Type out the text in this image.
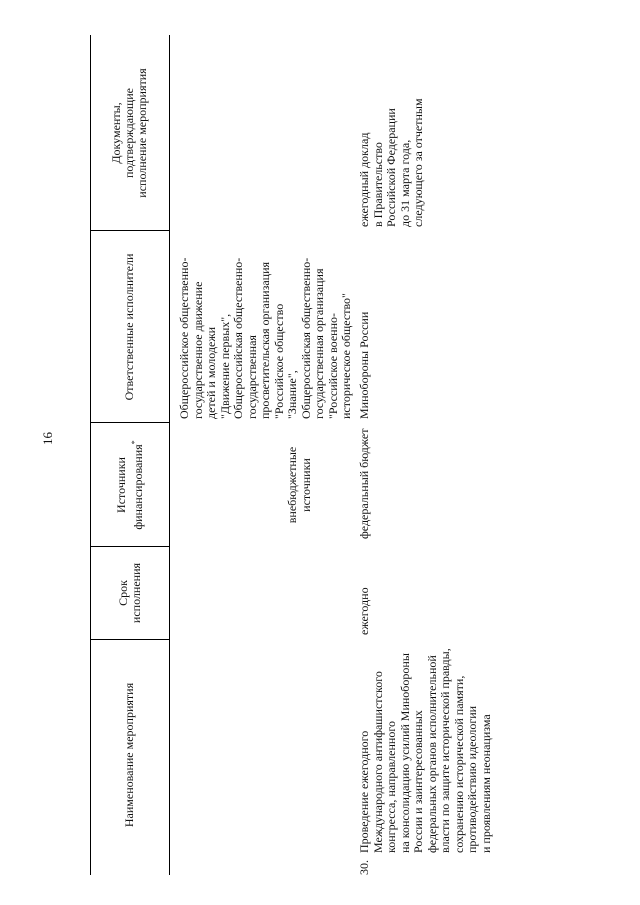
16
Наименование мероприятия
Срок исполнения
Источники финансирования*
Ответственные исполнители
Документы, подтверждающие исполнение мероприятия
Общероссийское общественно- государственное движение детей и молодежи "Движение первых", Общероссийская общественно- государственная просветительская организация "Российское общество "Знание", Общероссийская общественно- государственная организация "Российское военно- историческое общество"

внебюджетные источники

30.
Проведение ежегодного Международного антифашистского конгресса, направленного на консолидацию усилий Минобороны России и заинтересованных федеральных органов исполнительной власти по защите исторической правды, сохранению исторической памяти, противодействию идеологии и проявлениям неонацизма
ежегодно
федеральный бюджет
Минобороны России
ежегодный доклад в Правительство Российской Федерации до 31 марта года, следующего за отчетным
